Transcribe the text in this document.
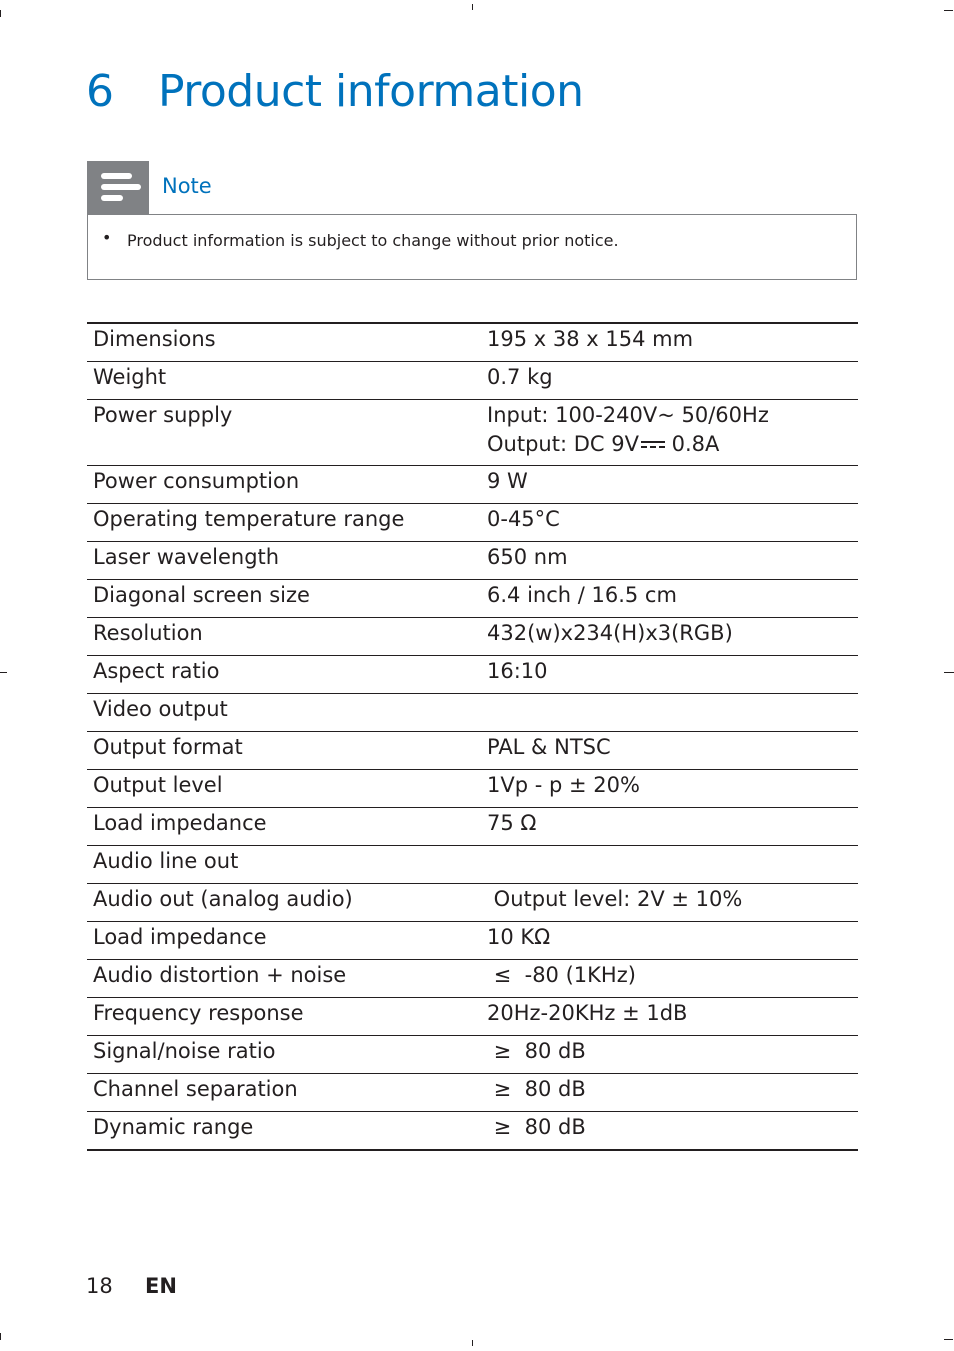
6 Product information
Note
• Product information is subject to change without prior notice.
Dimensions	195 x 38 x 154 mm
Weight	0.7 kg
Power supply	Input: 100-240V~ 50/60Hz
Output: DC 9V
0.8A

Power consumption	9 W
Operating temperature range	0-45°C
Laser wavelength	650 nm
Diagonal screen size	6.4 inch / 16.5 cm
Resolution	432(w)x234(H)x3(RGB)
Aspect ratio	16:10
Video output	
Output format	PAL & NTSC
Output level	1Vp - p ± 20%
Load impedance	75 Ω
Audio line out	
Audio out (analog audio)	Output level: 2V ± 10%
Load impedance	10 KΩ
Audio distortion + noise	≤  -80 (1KHz)
Frequency response	20Hz-20KHz ± 1dB
Signal/noise ratio	≥  80 dB
Channel separation	≥  80 dB
Dynamic range	≥  80 dB
18 EN
